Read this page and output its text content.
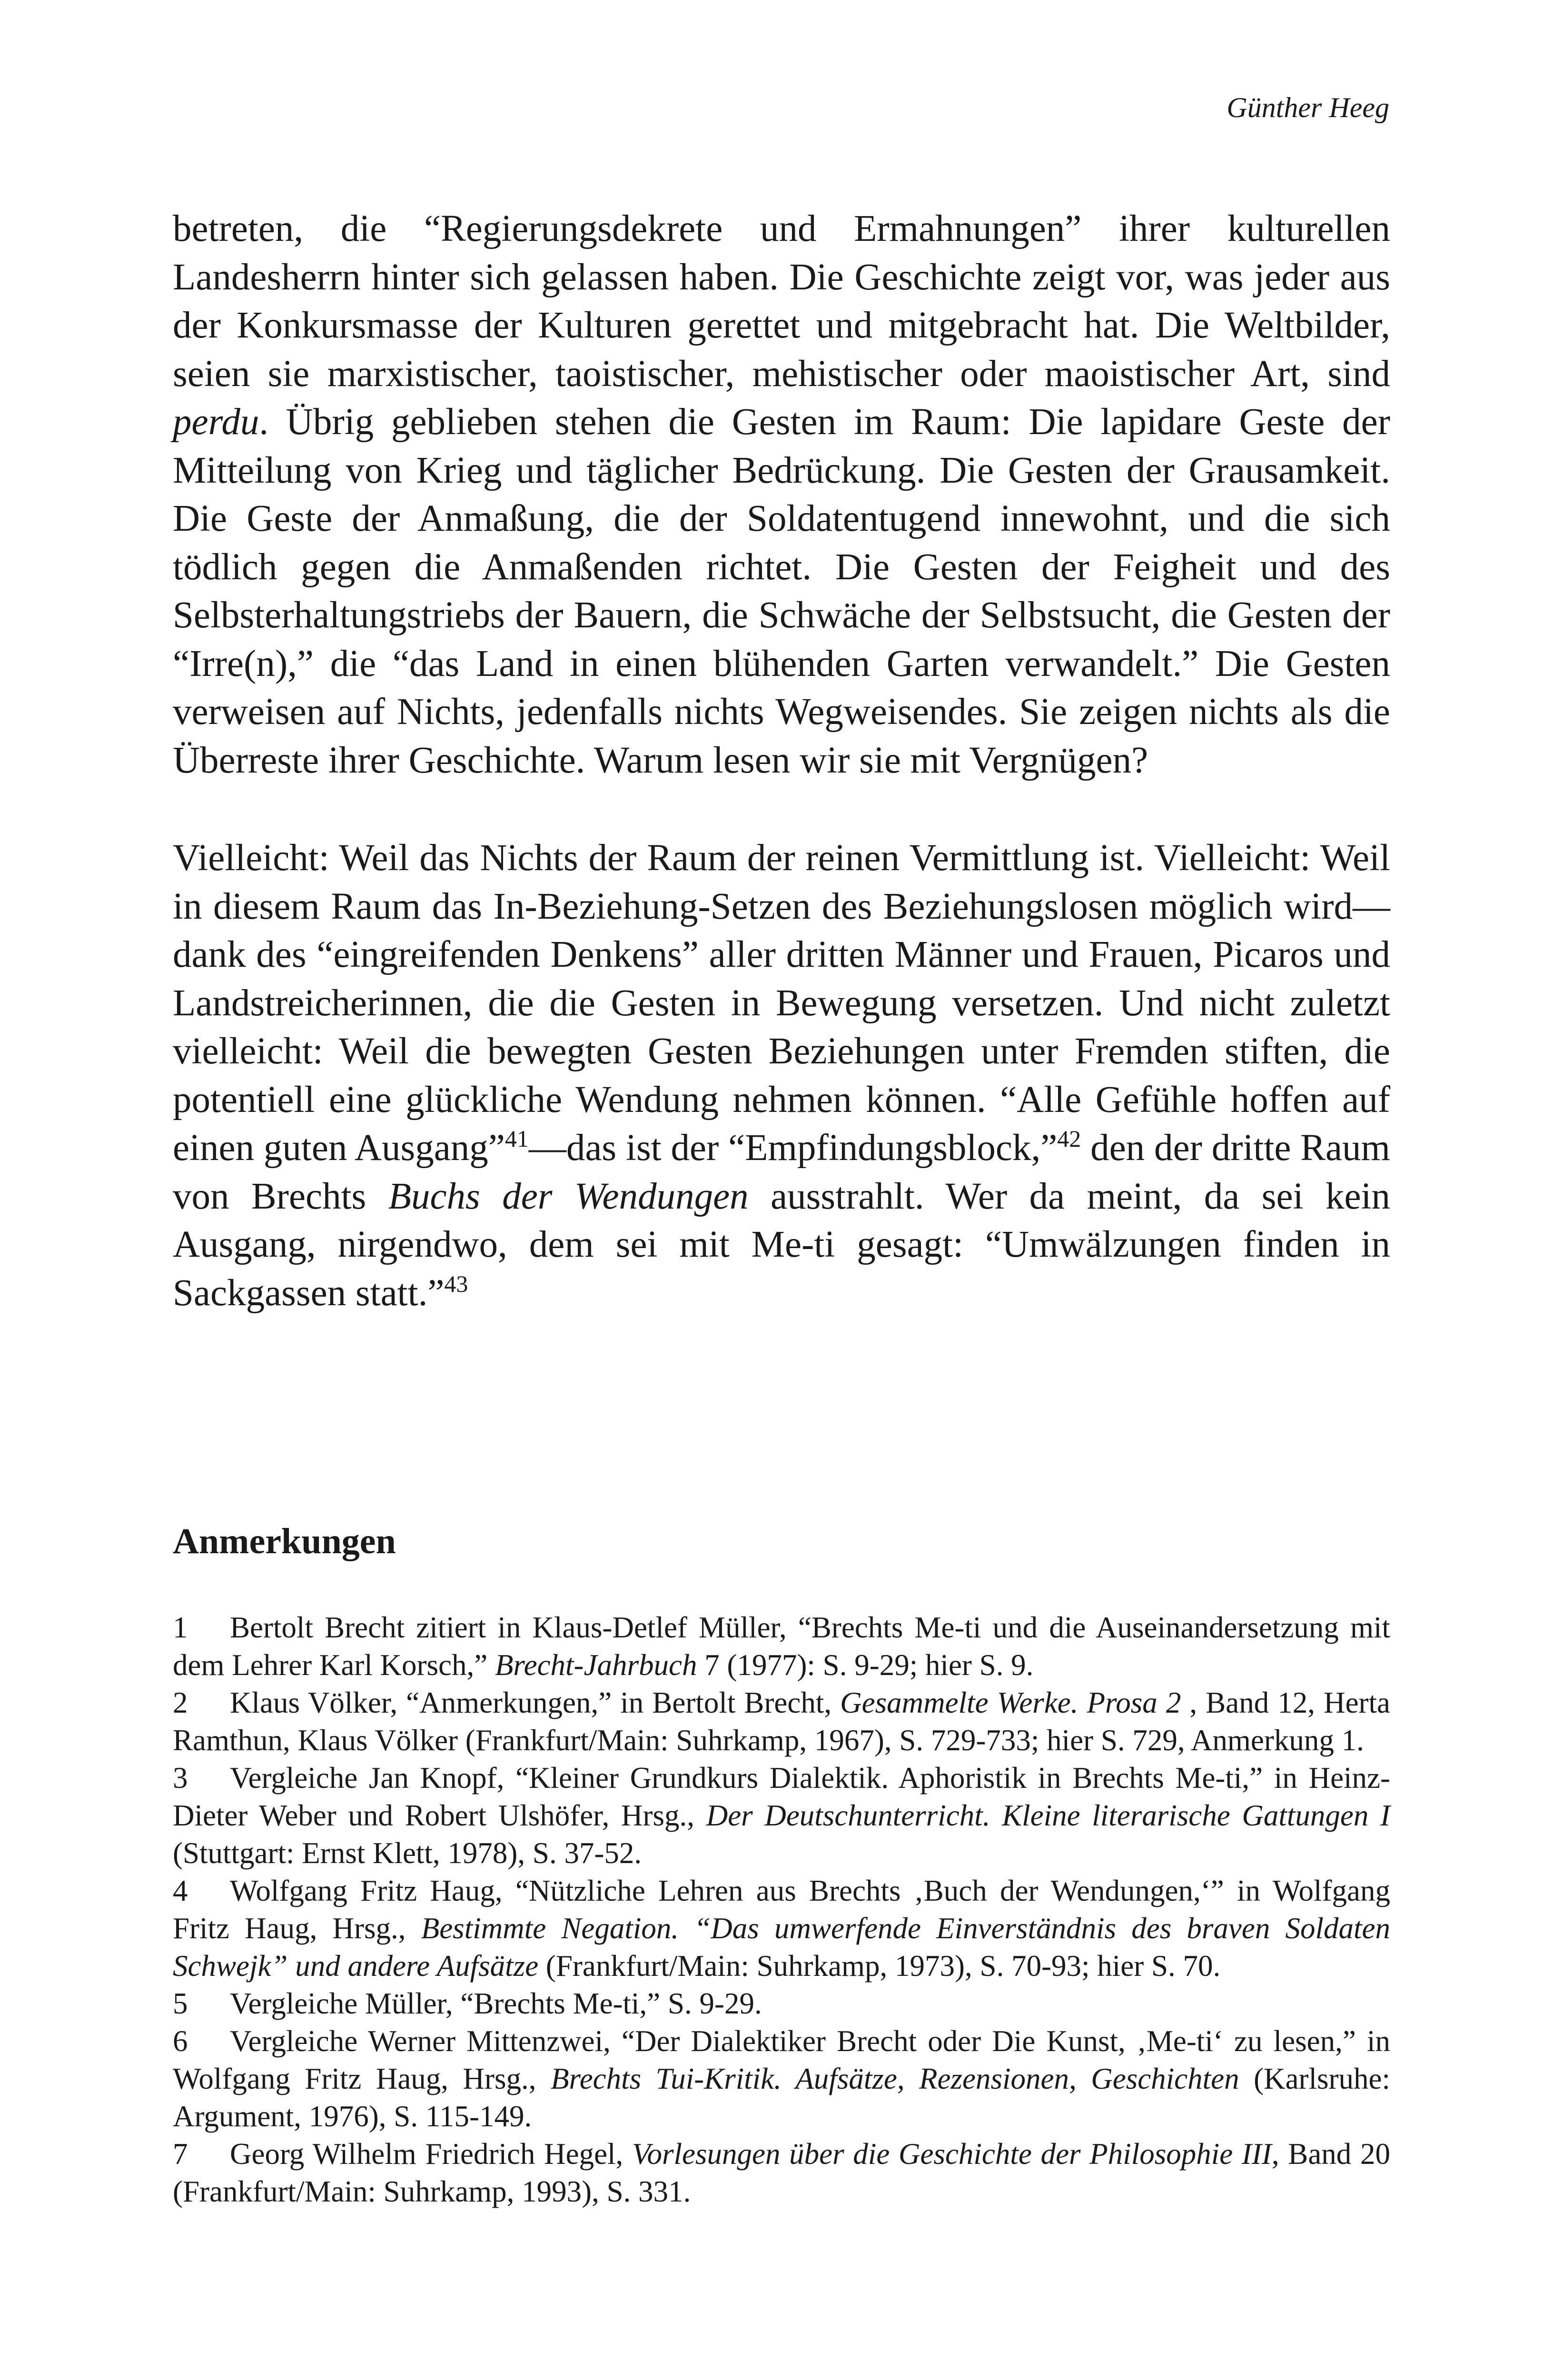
Günther Heeg

betreten, die “Regierungsdekrete und Ermahnungen” ihrer kulturellen Landesherrn hinter sich gelassen haben. Die Geschichte zeigt vor, was jeder aus der Konkursmasse der Kulturen gerettet und mitgebracht hat. Die Weltbilder, seien sie marxistischer, taoistischer, mehistischer oder maoistischer Art, sind perdu. Übrig geblieben stehen die Gesten im Raum: Die lapidare Geste der Mitteilung von Krieg und täglicher Bedrückung. Die Gesten der Grausamkeit. Die Geste der Anmaßung, die der Soldatentugend innewohnt, und die sich tödlich gegen die Anmaßenden richtet. Die Gesten der Feigheit und des Selbsterhaltungstriebs der Bauern, die Schwäche der Selbstsucht, die Gesten der “Irre(n),” die “das Land in einen blühenden Garten verwandelt.” Die Gesten verweisen auf Nichts, jedenfalls nichts Wegweisendes. Sie zeigen nichts als die Überreste ihrer Geschichte. Warum lesen wir sie mit Vergnügen?

Vielleicht: Weil das Nichts der Raum der reinen Vermittlung ist. Vielleicht: Weil in diesem Raum das In-Beziehung-Setzen des Beziehungslosen möglich wird—dank des “eingreifenden Denkens” aller dritten Männer und Frauen, Picaros und Landstreicherinnen, die die Gesten in Bewegung versetzen. Und nicht zuletzt vielleicht: Weil die bewegten Gesten Beziehungen unter Fremden stiften, die potentiell eine glückliche Wendung nehmen können. “Alle Gefühle hoffen auf einen guten Ausgang”$^{41}$—das ist der “Empfindungsblock,”$^{42}$ den der dritte Raum von Brechts Buchs der Wendungen ausstrahlt. Wer da meint, da sei kein Ausgang, nirgendwo, dem sei mit Me-ti gesagt: “Umwälzungen finden in Sackgassen statt.”$^{43}$

Anmerkungen

1 Bertolt Brecht zitiert in Klaus-Detlef Müller, “Brechts Me-ti und die Auseinandersetzung mit dem Lehrer Karl Korsch,” Brecht-Jahrbuch 7 (1977): S. 9-29; hier S. 9.

2 Klaus Völker, “Anmerkungen,” in Bertolt Brecht, Gesammelte Werke. Prosa 2 , Band 12, Herta Ramthun, Klaus Völker (Frankfurt/Main: Suhrkamp, 1967), S. 729-733; hier S. 729, Anmerkung 1.

3 Vergleiche Jan Knopf, “Kleiner Grundkurs Dialektik. Aphoristik in Brechts Me-ti,” in Heinz-Dieter Weber und Robert Ulshöfer, Hrsg., Der Deutschunterricht. Kleine literarische Gattungen I (Stuttgart: Ernst Klett, 1978), S. 37-52.

4 Wolfgang Fritz Haug, “Nützliche Lehren aus Brechts ‚Buch der Wendungen,‘” in Wolfgang Fritz Haug, Hrsg., Bestimmte Negation. “Das umwerfende Einverständnis des braven Soldaten Schwejk” und andere Aufsätze (Frankfurt/Main: Suhrkamp, 1973), S. 70-93; hier S. 70.

5 Vergleiche Müller, “Brechts Me-ti,” S. 9-29.

6 Vergleiche Werner Mittenzwei, “Der Dialektiker Brecht oder Die Kunst, ‚Me-ti‘ zu lesen,” in Wolfgang Fritz Haug, Hrsg., Brechts Tui-Kritik. Aufsätze, Rezensionen, Geschichten (Karlsruhe: Argument, 1976), S. 115-149.

7 Georg Wilhelm Friedrich Hegel, Vorlesungen über die Geschichte der Philosophie III, Band 20 (Frankfurt/Main: Suhrkamp, 1993), S. 331.
